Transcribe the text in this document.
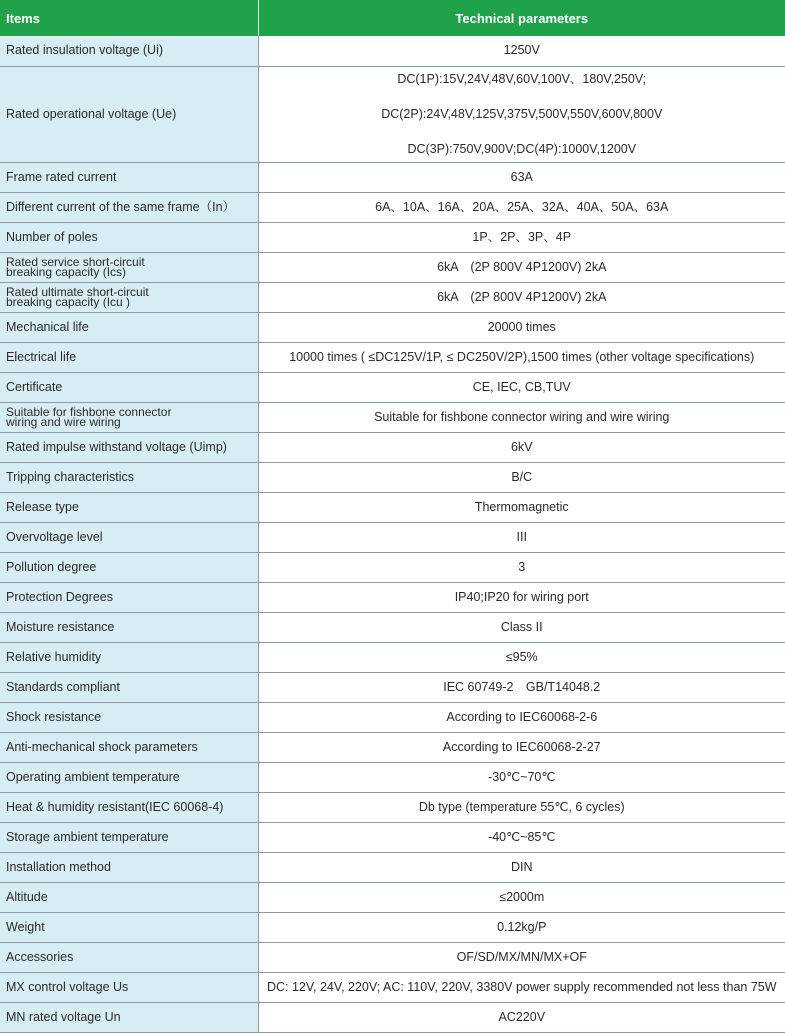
Items	Technical parameters
Rated insulation voltage (Ui)	1250V
Rated operational voltage (Ue)	DC(1P):15V,24V,48V,60V,100V、180V,250V;
DC(2P):24V,48V,125V,375V,500V,550V,600V,800V
DC(3P):750V,900V;DC(4P):1000V,1200V

Frame rated current	63A
Different current of the same frame（In）	6A、10A、16A、20A、25A、32A、40A、50A、63A
Number of poles	1P、2P、3P、4P

Rated service short-circuit
breaking capacity (Ics)	6kA　(2P 800V 4P1200V) 2kA

Rated ultimate short-circuit
breaking capacity (Icu )	6kA　(2P 800V 4P1200V) 2kA
Mechanical life	20000 times
Electrical life	10000 times ( ≤DC125V/1P, ≤ DC250V/2P),1500 times (other voltage specifications)
Certificate	CE, IEC, CB,TUV

Suitable for fishbone connector
wiring and wire wiring	Suitable for fishbone connector wiring and wire wiring
Rated impulse withstand voltage (Uimp)	6kV
Tripping characteristics	B/C
Release type	Thermomagnetic
Overvoltage level	III
Pollution degree	3
Protection Degrees	IP40;IP20 for wiring port
Moisture resistance	Class II
Relative humidity	≤95%
Standards compliant	IEC 60749-2　GB/T14048.2
Shock resistance	According to IEC60068-2-6
Anti-mechanical shock parameters	According to IEC60068-2-27
Operating ambient temperature	-30℃~70℃
Heat & humidity resistant(IEC 60068-4)	Db type (temperature 55℃, 6 cycles)
Storage ambient temperature	-40℃~85℃
Installation method	DIN
Altitude	≤2000m
Weight	0.12kg/P
Accessories	OF/SD/MX/MN/MX+OF
MX control voltage Us	DC: 12V, 24V, 220V; AC: 110V, 220V, 3380V power supply recommended not less than 75W
MN rated voltage Un	AC220V
